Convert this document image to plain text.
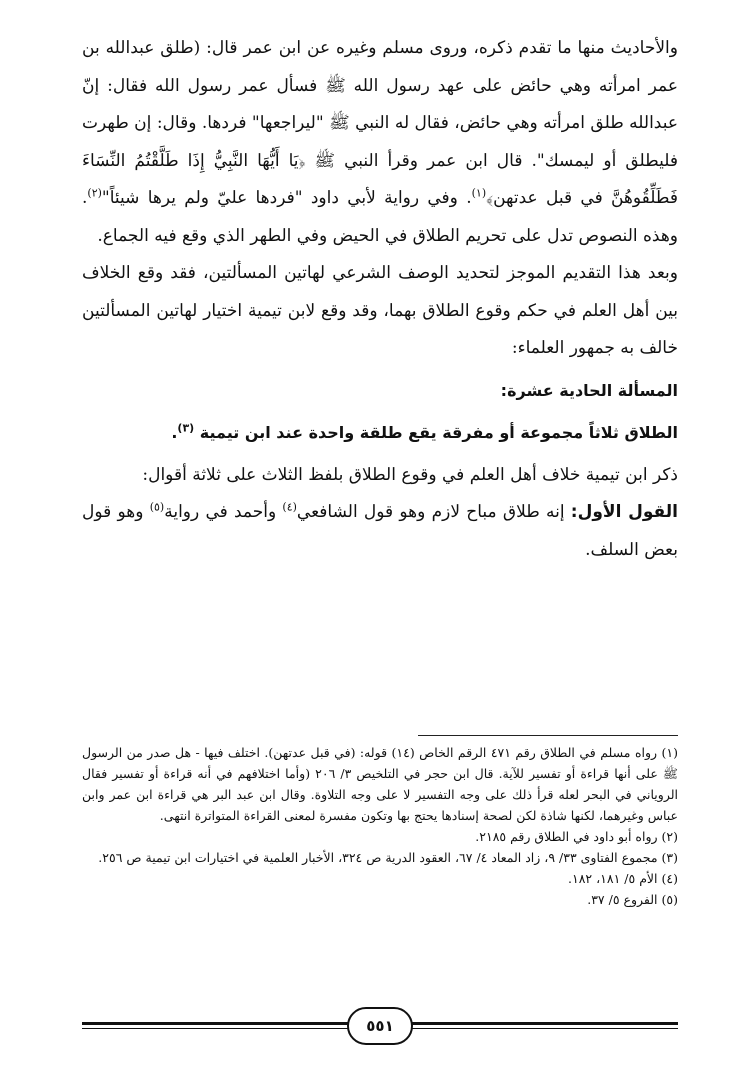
والأحاديث منها ما تقدم ذكره، وروى مسلم وغيره عن ابن عمر قال: (طلق عبدالله بن عمر امرأته وهي حائض على عهد رسول الله ﷺ فسأل عمر رسول الله فقال: إنّ عبدالله طلق امرأته وهي حائض، فقال له النبي ﷺ "ليراجعها" فردها. وقال: إن طهرت فليطلق أو ليمسك". قال ابن عمر وقرأ النبي ﷺ ﴿يَا أَيُّهَا النَّبِيُّ إِذَا طَلَّقْتُمُ النِّسَاءَ فَطَلِّقُوهُنَّ في قبل عدتهن﴾$^{(١)}$. وفي رواية لأبي داود "فردها عليّ ولم يرها شيئاً"$^{(٢)}$. وهذه النصوص تدل على تحريم الطلاق في الحيض وفي الطهر الذي وقع فيه الجماع.

وبعد هذا التقديم الموجز لتحديد الوصف الشرعي لهاتين المسألتين، فقد وقع الخلاف بين أهل العلم في حكم وقوع الطلاق بهما، وقد وقع لابن تيمية اختيار لهاتين المسألتين خالف به جمهور العلماء:

المسألة الحادية عشرة:
الطلاق ثلاثاً مجموعة أو مفرقة يقع طلقة واحدة عند ابن تيمية $^{(٣)}$.

ذكر ابن تيمية خلاف أهل العلم في وقوع الطلاق بلفظ الثلاث على ثلاثة أقوال:

القول الأول: إنه طلاق مباح لازم وهو قول الشافعي$^{(٤)}$ وأحمد في رواية$^{(٥)}$ وهو قول بعض السلف.

(١) رواه مسلم في الطلاق رقم ٤٧١ الرقم الخاص (١٤) قوله: (في قبل عدتهن). اختلف فيها - هل صدر من الرسول ﷺ على أنها قراءة أو تفسير للآية. قال ابن حجر في التلخيص ٣/ ٢٠٦ (وأما اختلافهم في أنه قراءة أو تفسير فقال الروياني في البحر لعله قرأ ذلك على وجه التفسير لا على وجه التلاوة. وقال ابن عبد البر هي قراءة ابن عمر وابن عباس وغيرهما، لكنها شاذة لكن لصحة إسنادها يحتج بها وتكون مفسرة لمعنى القراءة المتواترة انتهى.
(٢) رواه أبو داود في الطلاق رقم ٢١٨٥.
(٣) مجموع الفتاوى ٣٣/ ٩، زاد المعاد ٤/ ٦٧، العقود الدرية ص ٣٢٤، الأخبار العلمية في اختيارات ابن تيمية ص ٢٥٦.
(٤) الأم ٥/ ١٨١، ١٨٢.
(٥) الفروع ٥/ ٣٧.
٥٥١
